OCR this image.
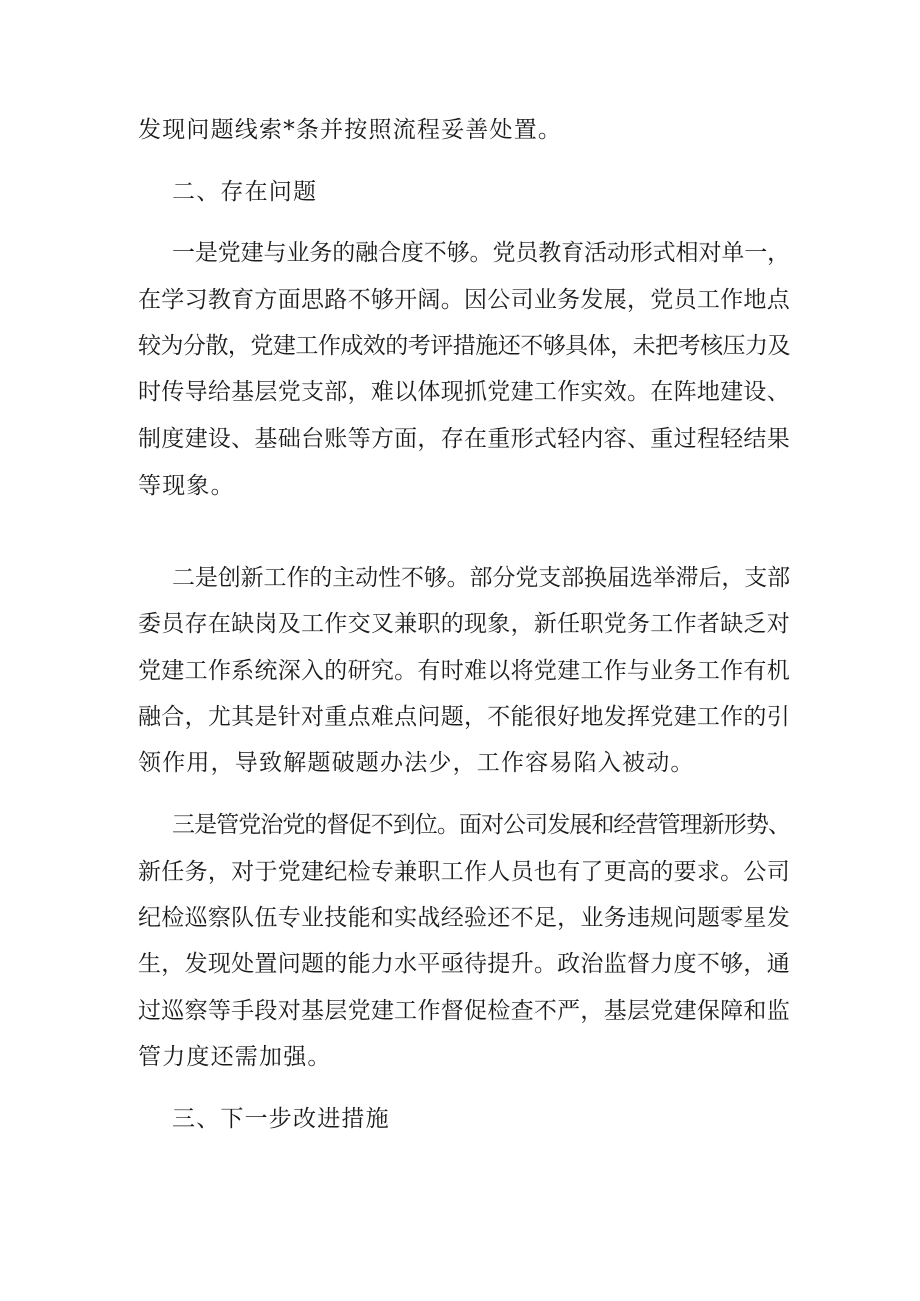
发现问题线索*条并按照流程妥善处置。
二、存在问题
一是党建与业务的融合度不够。党员教育活动形式相对单一，
在学习教育方面思路不够开阔。因公司业务发展，党员工作地点
较为分散，党建工作成效的考评措施还不够具体，未把考核压力及
时传导给基层党支部，难以体现抓党建工作实效。在阵地建设、
制度建设、基础台账等方面，存在重形式轻内容、重过程轻结果
等现象。
二是创新工作的主动性不够。部分党支部换届选举滞后，支部
委员存在缺岗及工作交叉兼职的现象，新任职党务工作者缺乏对
党建工作系统深入的研究。有时难以将党建工作与业务工作有机
融合，尤其是针对重点难点问题，不能很好地发挥党建工作的引
领作用，导致解题破题办法少，工作容易陷入被动。
三是管党治党的督促不到位。面对公司发展和经营管理新形势、
新任务，对于党建纪检专兼职工作人员也有了更高的要求。公司
纪检巡察队伍专业技能和实战经验还不足，业务违规问题零星发
生，发现处置问题的能力水平亟待提升。政治监督力度不够，通
过巡察等手段对基层党建工作督促检查不严，基层党建保障和监
管力度还需加强。
三、下一步改进措施
